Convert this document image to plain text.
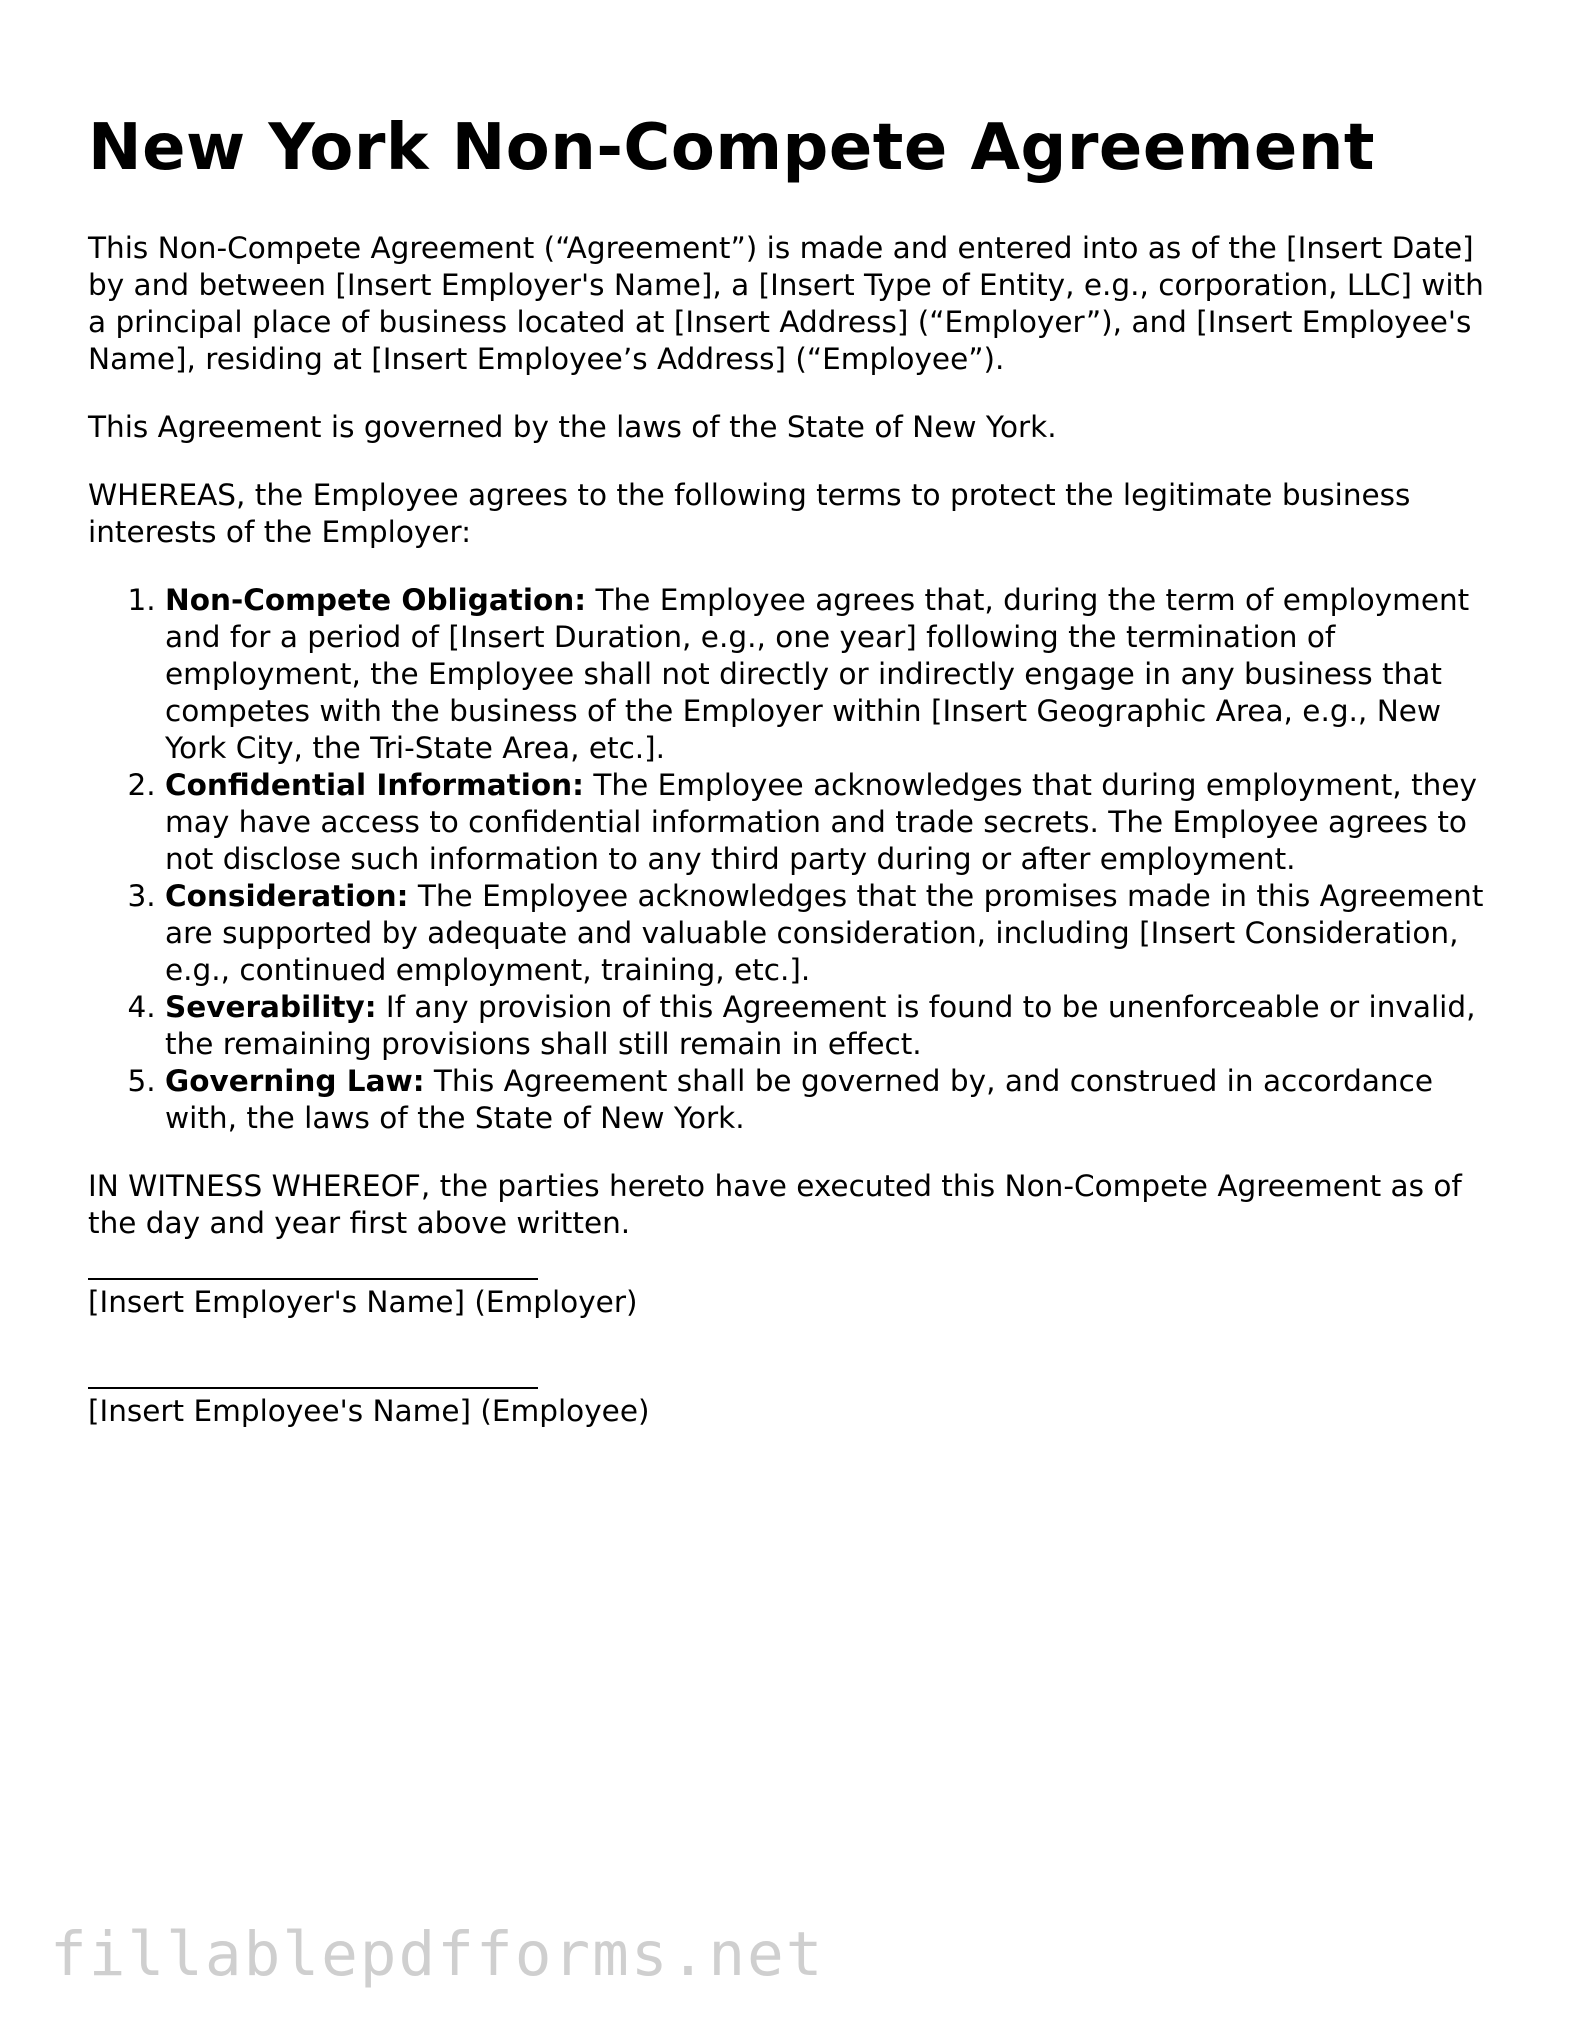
New York Non-Compete Agreement

This Non-Compete Agreement (“Agreement”) is made and entered into as of the [Insert Date] by and between [Insert Employer's Name], a [Insert Type of Entity, e.g., corporation, LLC] with a principal place of business located at [Insert Address] (“Employer”), and [Insert Employee's Name], residing at [Insert Employee’s Address] (“Employee”).

This Agreement is governed by the laws of the State of New York.

WHEREAS, the Employee agrees to the following terms to protect the legitimate business interests of the Employer:

1. Non-Compete Obligation: The Employee agrees that, during the term of employment and for a period of [Insert Duration, e.g., one year] following the termination of employment, the Employee shall not directly or indirectly engage in any business that competes with the business of the Employer within [Insert Geographic Area, e.g., New York City, the Tri-State Area, etc.].
2. Confidential Information: The Employee acknowledges that during employment, they may have access to confidential information and trade secrets. The Employee agrees to not disclose such information to any third party during or after employment.
3. Consideration: The Employee acknowledges that the promises made in this Agreement are supported by adequate and valuable consideration, including [Insert Consideration, e.g., continued employment, training, etc.].
4. Severability: If any provision of this Agreement is found to be unenforceable or invalid, the remaining provisions shall still remain in effect.
5. Governing Law: This Agreement shall be governed by, and construed in accordance with, the laws of the State of New York.

IN WITNESS WHEREOF, the parties hereto have executed this Non-Compete Agreement as of the day and year first above written.

[Insert Employer's Name] (Employer)
[Insert Employee's Name] (Employee)
fillablepdfforms.net
